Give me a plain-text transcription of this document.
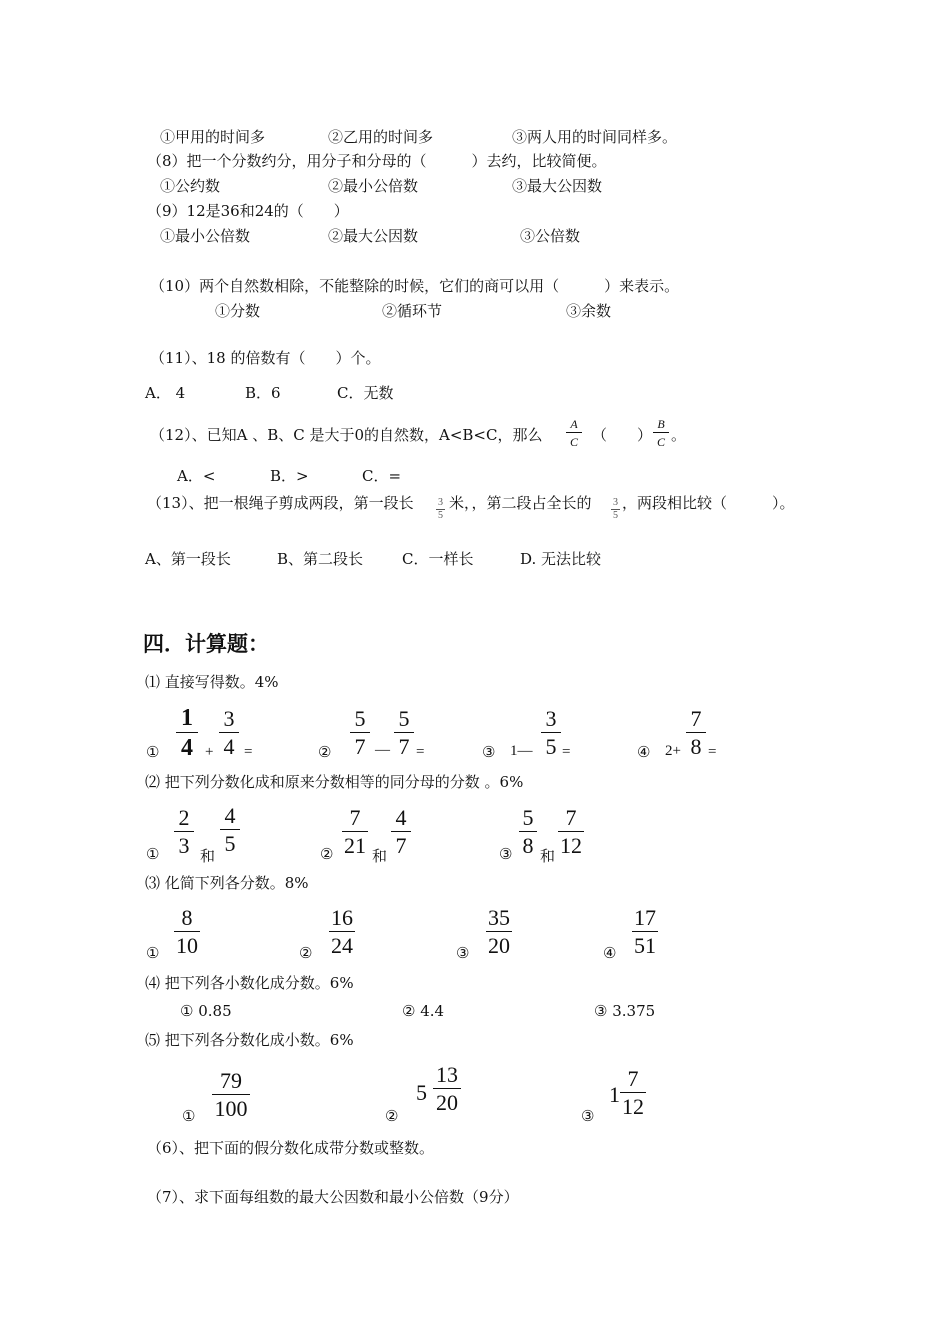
①甲用的时间多	②乙用的时间多	③两人用的时间同样多。
（8）把一个分数约分，用分子和分母的（　　　）去约，比较简便。
①公约数	②最小公倍数	③最大公因数
（9）12是36和24的（　　）
①最小公倍数	②最大公因数	③公倍数
（10）两个自然数相除，不能整除的时候，它们的商可以用（　　　）来表示。
①分数	②循环节	③余数
（11）、18 的倍数有（　　）个。
A． 4	B．6	C．无数
（12）、已知A 、B、C 是大于0的自然数，A<B<C，那么
A
C （　　）
B
C 。
A．<	B．>	C．=
（13）、把一根绳子剪成两段，第一段长 3
5
米，，第二段占全长的 3
5
，两段相比较（　　　）。
A、第一段长	B、第二段长	C．一样长	D. 无法比较
四．计算题：
⑴ 直接写得数。4%
①
1
4 +
3
4 =	②
5
7 —
5
7 =	③ 1—
3
5 =	④ 2+
7
8 =
⑵ 把下列分数化成和原来分数相等的同分母的分数 。6%
①
2
3 和
4
5	②
7
21 和
4
7	③
5
8 和
7
12
⑶ 化简下列各分数。8%
①
8
10	②
16
24	③
35
20	④
17
51
⑷ 把下列各小数化成分数。6%
① 0.85	② 4.4	③ 3.375
⑸ 把下列各分数化成小数。6%
①
79
100	②
5
13
20
③
1
7
12
（6）、把下面的假分数化成带分数或整数。
（7）、求下面每组数的最大公因数和最小公倍数（9分）
